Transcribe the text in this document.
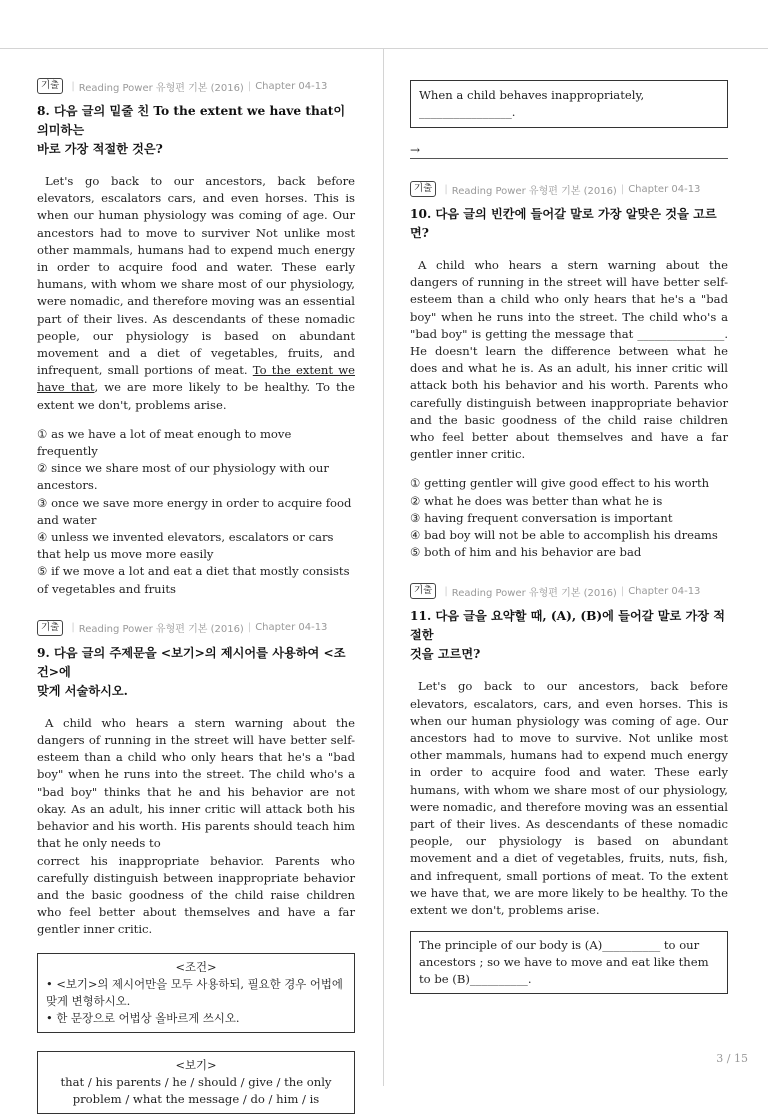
기출	| Reading Power 유형편 기본 (2016) | Chapter 04-13
8. 다음 글의 밑줄 친 To the extent we have that이 의미하는
바로 가장 적절한 것은?
Let's go back to our ancestors, back before elevators, escalators cars, and even horses. This is when our human physiology was coming of age. Our ancestors had to move to surviver Not unlike most other mammals, humans had to expend much energy in order to acquire food and water. These early humans, with whom we share most of our physiology, were nomadic, and therefore moving was an essential part of their lives. As descendants of these nomadic people, our physiology is based on abundant movement and a diet of vegetables, fruits, and infrequent, small portions of meat. To the extent we have that, we are more likely to be healthy. To the extent we don't, problems arise.
① as we have a lot of meat enough to move frequently
② since we share most of our physiology with our ancestors.
③ once we save more energy in order to acquire food and water
④ unless we invented elevators, escalators or cars that help us move more easily
⑤ if we move a lot and eat a diet that mostly consists of vegetables and fruits
기출	| Reading Power 유형편 기본 (2016) | Chapter 04-13
9. 다음 글의 주제문을 <보기>의 제시어를 사용하여 <조건>에
맞게 서술하시오.
A child who hears a stern warning about the dangers of running in the street will have better self-esteem than a child who only hears that he's a "bad boy" when he runs into the street. The child who's a "bad boy" thinks that he and his behavior are not okay. As an adult, his inner critic will attack both his behavior and his worth. His parents should teach him that he only needs to
correct his inappropriate behavior. Parents who carefully distinguish between inappropriate behavior and the basic goodness of the child raise children who feel better about themselves and have a far gentler inner critic.
<조건>
• <보기>의 제시어만을 모두 사용하되, 필요한 경우 어법에 맞게 변형하시오.
• 한 문장으로 어법상 올바르게 쓰시오.
<보기>
that / his parents / he / should / give / the only problem / what the message / do / him / is
When a child behaves inappropriately, ________________.
→
기출	| Reading Power 유형편 기본 (2016) | Chapter 04-13
10. 다음 글의 빈칸에 들어갈 말로 가장 알맞은 것을 고르면?
A child who hears a stern warning about the dangers of running in the street will have better self-esteem than a child who only hears that he's a "bad boy" when he runs into the street. The child who's a "bad boy" is getting the message that _______________. He doesn't learn the difference between what he does and what he is. As an adult, his inner critic will attack both his behavior and his worth. Parents who carefully distinguish between inappropriate behavior and the basic goodness of the child raise children who feel better about themselves and have a far gentler inner critic.
① getting gentler will give good effect to his worth
② what he does was better than what he is
③ having frequent conversation is important
④ bad boy will not be able to accomplish his dreams
⑤ both of him and his behavior are bad
기출	| Reading Power 유형편 기본 (2016) | Chapter 04-13
11. 다음 글을 요약할 때, (A), (B)에 들어갈 말로 가장 적절한
것을 고르면?
Let's go back to our ancestors, back before elevators, escalators, cars, and even horses. This is when our human physiology was coming of age. Our ancestors had to move to survive. Not unlike most other mammals, humans had to expend much energy in order to acquire food and water. These early humans, with whom we share most of our physiology, were nomadic, and therefore moving was an essential part of their lives. As descendants of these nomadic people, our physiology is based on abundant movement and a diet of vegetables, fruits, nuts, fish, and infrequent, small portions of meat. To the extent we have that, we are more likely to be healthy. To the extent we don't, problems arise.
The principle of our body is (A)__________ to our ancestors ; so we have to move and eat like them to be (B)__________.
3 / 15
